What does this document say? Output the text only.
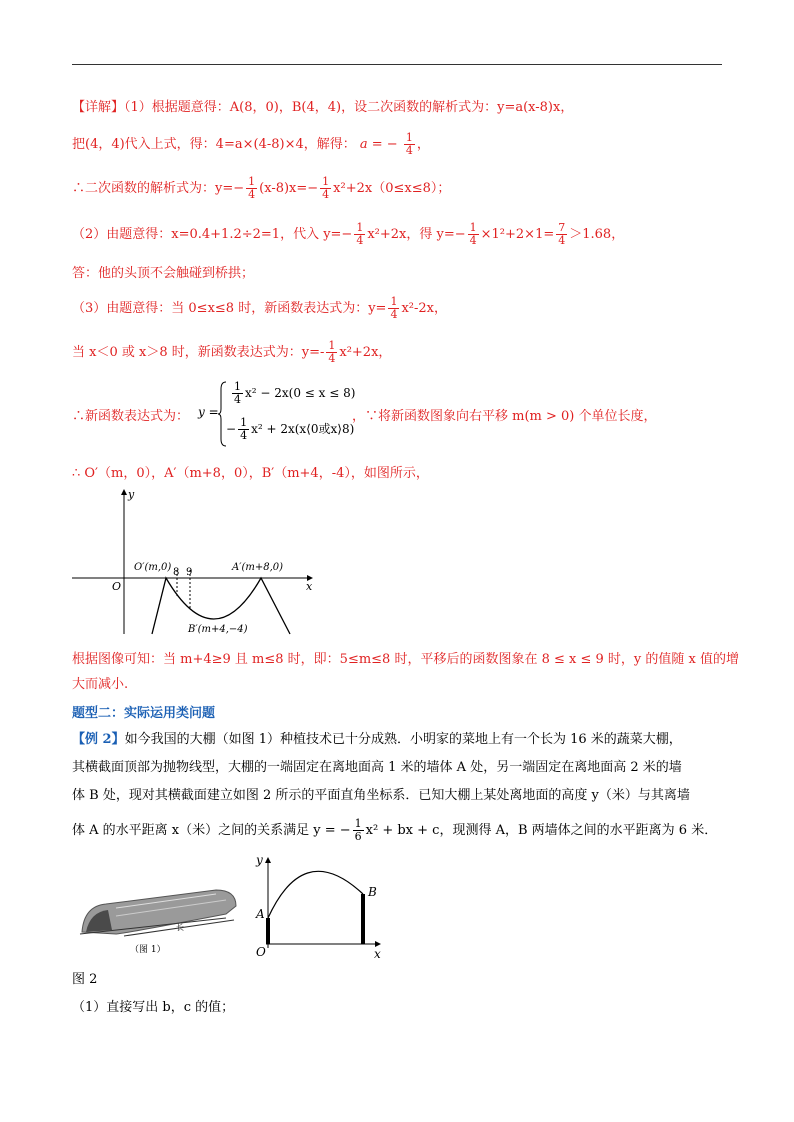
【详解】（1）根据题意得：A(8，0)，B(4，4)，设二次函数的解析式为：y=a(x-8)x，
把(4，4)代入上式，得：4=a×(4-8)×4，解得： a = − $\frac{1}{4}$ ，
∴二次函数的解析式为：$y=- \frac{1}{4} (x-8)x=- \frac{1}{4} x^2+2x(0\le x\le 8)$；
（2）由题意得：x=0.4+1.2÷2=1，代入 $y=- \frac{1}{4} x^2+2x$，得 $y=- \frac{1}{4} \times 1^2+2\times 1= \frac{7}{4} >1.68$，
答：他的头顶不会触碰到桥拱；
（3）由题意得：当 0≤x≤8 时，新函数表达式为：$y= \frac{1}{4} x^2-2x$，
当 x＜0 或 x＞8 时，新函数表达式为：$y=- \frac{1}{4} x^2+2x$，
∴新函数表达式为： y =
$\frac{1}{4} x^2 - 2x(0 \le x \le 8)$
− $\frac{1}{4} x^2$ + 2x(x⟨0或x⟩8)
，∵将新函数图象向右平移 m(m > 0) 个单位长度，
∴ O′（m，0），A′（m+8，0），B′（m+4，-4），如图所示，
y
x
O
O′(m,0)	A′(m+8,0)
B′(m+4,−4)
8 9
根据图像可知：当 m+4≥9 且 m≤8 时，即：5≤m≤8 时，平移后的函数图象在 8 ≤ x ≤ 9 时，y 的值随 x 值的增
大而减小.
题型二：实际运用类问题
【例 2】如今我国的大棚（如图 1）种植技术已十分成熟．小明家的菜地上有一个长为 16 米的蔬菜大棚，
其横截面顶部为抛物线型，大棚的一端固定在离地面高 1 米的墙体 A 处，另一端固定在离地面高 2 米的墙
体 B 处，现对其横截面建立如图 2 所示的平面直角坐标系．已知大棚上某处离地面的高度 y（米）与其离墙
体 A 的水平距离 x（米）之间的关系满足 y = − $\frac{1}{6} x^2$ + bx + c，现测得 A，B 两墙体之间的水平距离为 6 米．
长
（图 1）
y
x
O
A
B
图 2
（1）直接写出 b，c 的值；
